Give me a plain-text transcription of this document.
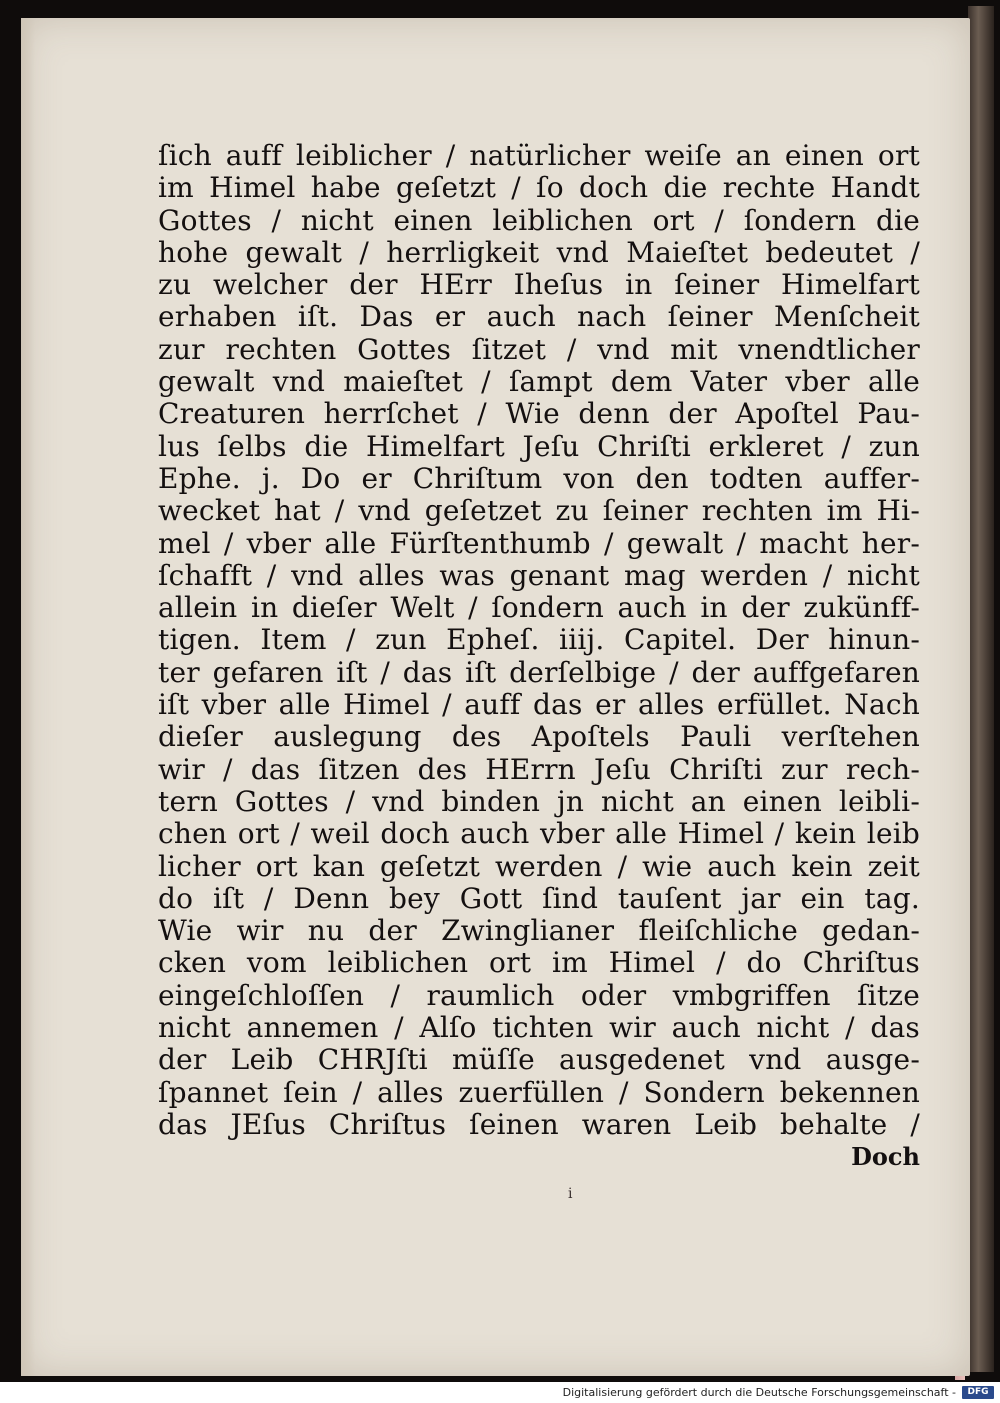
ſich auff leiblicher / natürlicher weiſe an einen ort
im Himel habe geſetzt / ſo doch die rechte Handt
Gottes / nicht einen leiblichen ort / ſondern die
hohe gewalt / herrligkeit vnd Maieſtet bedeutet /
zu welcher der HErr Iheſus in ſeiner Himelfart
erhaben iſt. Das er auch nach ſeiner Menſcheit
zur rechten Gottes ſitzet / vnd mit vnendtlicher
gewalt vnd maieſtet / ſampt dem Vater vber alle
Creaturen herrſchet / Wie denn der Apoſtel Pau-
lus ſelbs die Himelfart Jeſu Chriſti erkleret / zun
Ephe. j. Do er Chriſtum von den todten auffer-
wecket hat / vnd geſetzet zu ſeiner rechten im Hi-
mel / vber alle Fürſtenthumb / gewalt / macht her-
ſchafft / vnd alles was genant mag werden / nicht
allein in dieſer Welt / ſondern auch in der zukünff-
tigen. Item / zun Epheſ. iiij. Capitel. Der hinun-
ter gefaren iſt / das iſt derſelbige / der auffgefaren
iſt vber alle Himel / auff das er alles erfüllet. Nach
dieſer auslegung des Apoſtels Pauli verſtehen
wir / das ſitzen des HErrn Jeſu Chriſti zur rech-
tern Gottes / vnd binden jn nicht an einen leibli-
chen ort / weil doch auch vber alle Himel / kein leib
licher ort kan geſetzt werden / wie auch kein zeit
do iſt / Denn bey Gott ſind tauſent jar ein tag.
Wie wir nu der Zwinglianer fleiſchliche gedan-
cken vom leiblichen ort im Himel / do Chriſtus
eingeſchloſſen / raumlich oder vmbgriffen ſitze
nicht annemen / Alſo tichten wir auch nicht / das
der Leib CHRJſti müſſe ausgedenet vnd ausge-
ſpannet ſein / alles zuerfüllen / Sondern bekennen
das JEſus Chriſtus ſeinen waren Leib behalte /
Doch
i
Digitalisierung gefördert durch die Deutsche Forschungsgemeinschaft -	DFG
